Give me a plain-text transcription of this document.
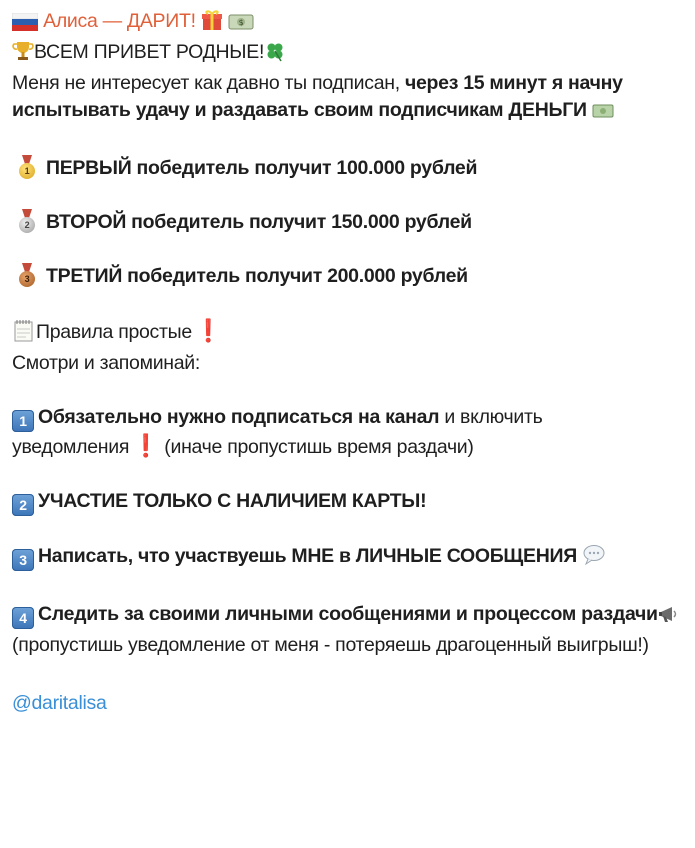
Алиса — ДАРИТ!	$
ВСЕМ ПРИВЕТ РОДНЫЕ!
Меня не интересует как давно ты подписан, через 15 минут я начну испытывать удачу и раздавать своим подписчикам ДЕНЬГИ
1 ПЕРВЫЙ победитель получит 100.000 рублей
2 ВТОРОЙ победитель получит 150.000 рублей
3 ТРЕТИЙ победитель получит 200.000 рублей
Правила простые ❗
Смотри и запоминай:
1 Обязательно нужно подписаться на канал и включить уведомления ❗ (иначе пропустишь время раздачи)
2 УЧАСТИЕ ТОЛЬКО С НАЛИЧИЕМ КАРТЫ!
3 Написать, что участвуешь МНЕ в ЛИЧНЫЕ СООБЩЕНИЯ
4 Следить за своими личными сообщениями и процессом раздачи (пропустишь уведомление от меня - потеряешь драгоценный выигрыш!)
@daritalisa
